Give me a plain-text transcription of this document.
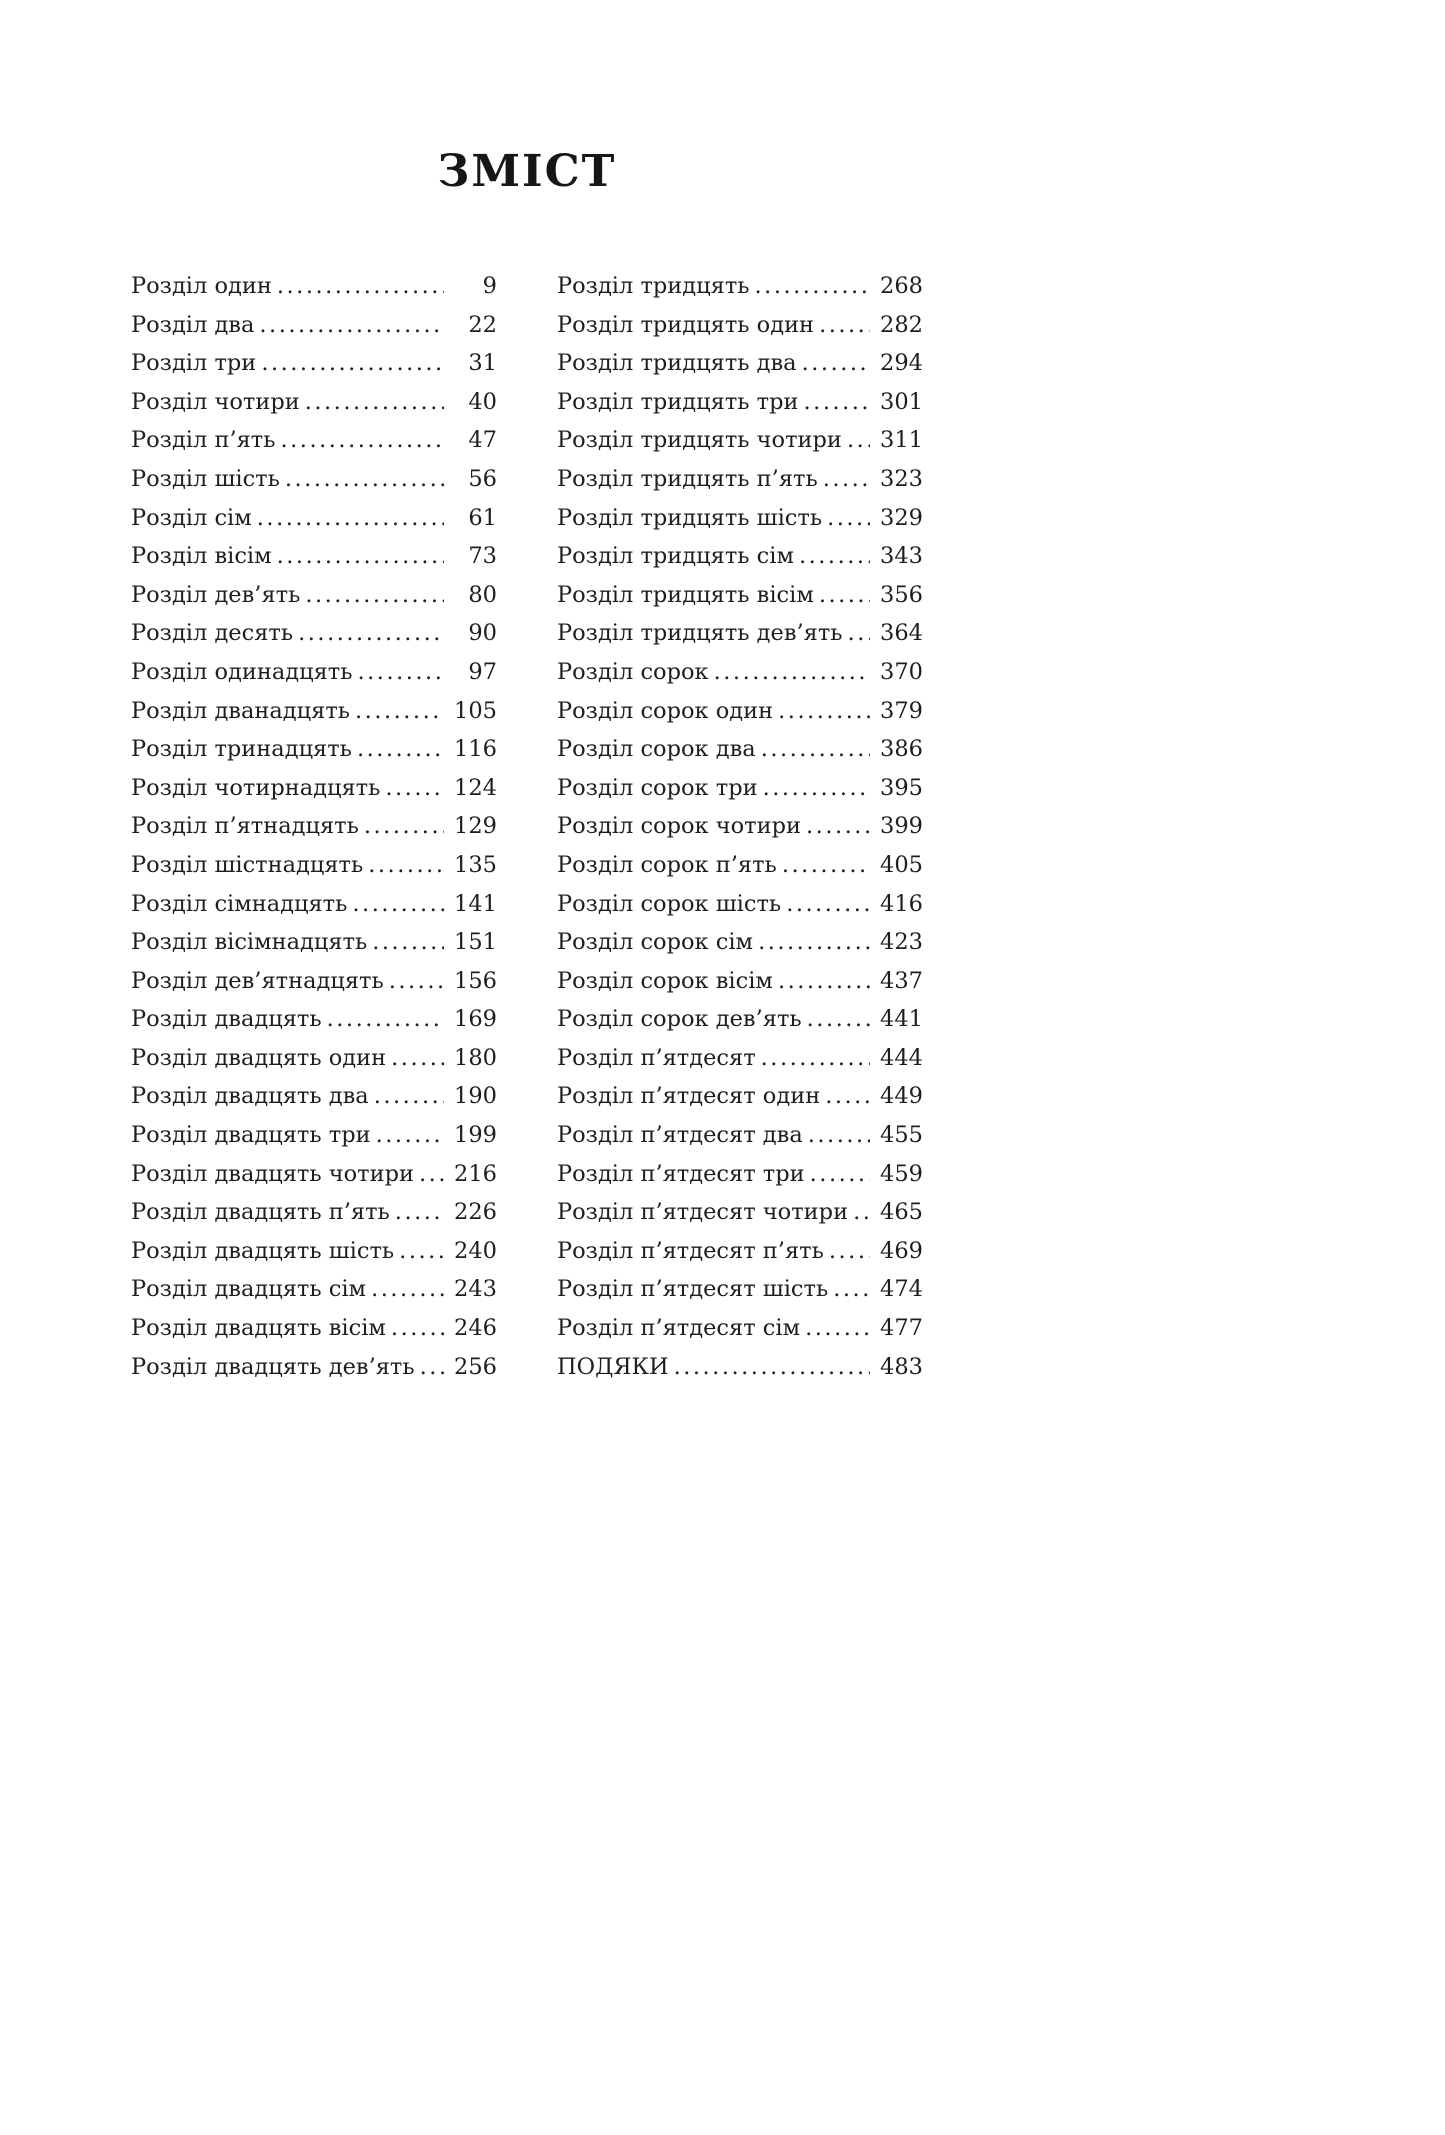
ЗМІСТ
Розділ один .....	9
Розділ два .....	22
Розділ три .....	31
Розділ чотири .....	40
Розділ п’ять .....	47
Розділ шість .....	56
Розділ сім .....	61
Розділ вісім .....	73
Розділ дев’ять .....	80
Розділ десять .....	90
Розділ одинадцять .....	97
Розділ дванадцять .....	105
Розділ тринадцять .....	116
Розділ чотирнадцять .....	124
Розділ п’ятнадцять .....	129
Розділ шістнадцять .....	135
Розділ сімнадцять .....	141
Розділ вісімнадцять .....	151
Розділ дев’ятнадцять .....	156
Розділ двадцять .....	169
Розділ двадцять один .....	180
Розділ двадцять два .....	190
Розділ двадцять три .....	199
Розділ двадцять чотири ..... 216
Розділ двадцять п’ять .....	226
Розділ двадцять шість .....	240
Розділ двадцять сім .....	243
Розділ двадцять вісім .....	246
Розділ двадцять дев’ять ..... 256
Розділ тридцять .....	268
Розділ тридцять один .....	282
Розділ тридцять два .....	294
Розділ тридцять три .....	301
Розділ тридцять чотири ..... 311
Розділ тридцять п’ять .....	323
Розділ тридцять шість .....	329
Розділ тридцять сім .....	343
Розділ тридцять вісім .....	356
Розділ тридцять дев’ять ..... 364
Розділ сорок .....	370
Розділ сорок один .....	379
Розділ сорок два .....	386
Розділ сорок три .....	395
Розділ сорок чотири .....	399
Розділ сорок п’ять .....	405
Розділ сорок шість .....	416
Розділ сорок сім .....	423
Розділ сорок вісім .....	437
Розділ сорок дев’ять .....	441
Розділ п’ятдесят .....	444
Розділ п’ятдесят один .....	449
Розділ п’ятдесят два .....	455
Розділ п’ятдесят три .....	459
Розділ п’ятдесят чотири ..... 465
Розділ п’ятдесят п’ять ..... 469
Розділ п’ятдесят шість ..... 474
Розділ п’ятдесят сім .....	477
ПОДЯКИ .....	483
